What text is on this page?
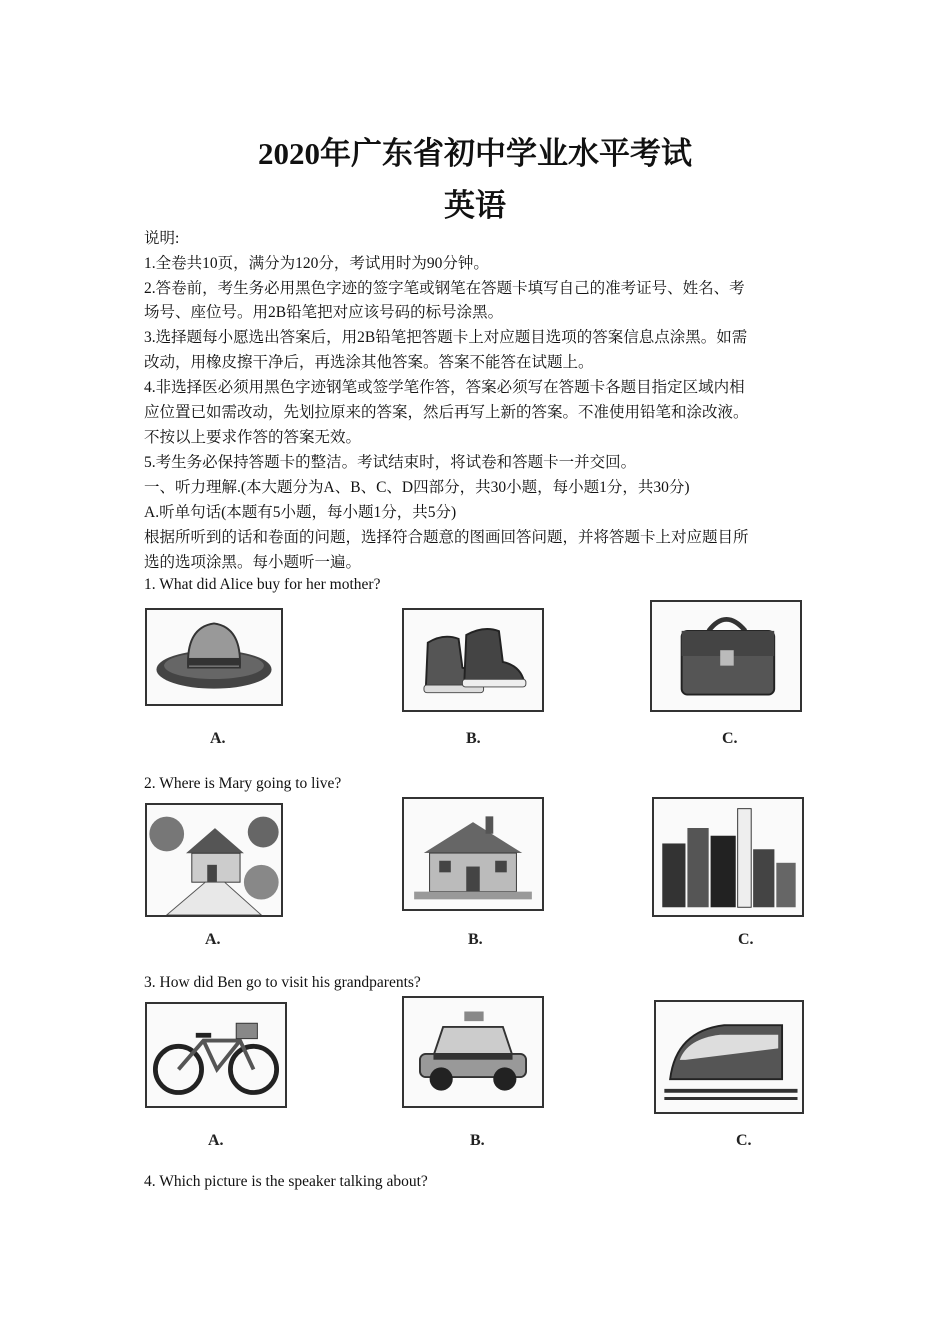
2020年广东省初中学业水平考试
英语
说明:
1.全卷共10页，满分为120分，考试用时为90分钟。
2.答卷前，考生务必用黑色字迹的签字笔或钢笔在答题卡填写自己的准考证号、姓名、考
场号、座位号。用2B铅笔把对应该号码的标号涂黑。
3.选择题每小愿选出答案后，用2B铅笔把答题卡上对应题目选项的答案信息点涂黑。如需
改动，用橡皮擦干净后，再选涂其他答案。答案不能答在试题上。
4.非选择医必须用黑色字迹钢笔或签学笔作答，答案必须写在答题卡各题目指定区域内相
应位置已如需改动，先划拉原来的答案，然后再写上新的答案。不准使用铅笔和涂改液。
不按以上要求作答的答案无效。
5.考生务必保持答题卡的整洁。考试结束时，将试卷和答题卡一并交回。
一、听力理解.(本大题分为A、B、C、D四部分，共30小题，每小题1分，共30分)
A.听单句话(本题有5小题，每小题1分，共5分)
根据所听到的话和卷面的问题，选择符合题意的图画回答问题，并将答题卡上对应题目所
选的选项涂黑。每小题听一遍。
1. What did Alice buy for her mother?
A.	B.	C.
2. Where is Mary going to live?
A.	B.	C.
3. How did Ben go to visit his grandparents?
A.	B.	C.
4. Which picture is the speaker talking about?
